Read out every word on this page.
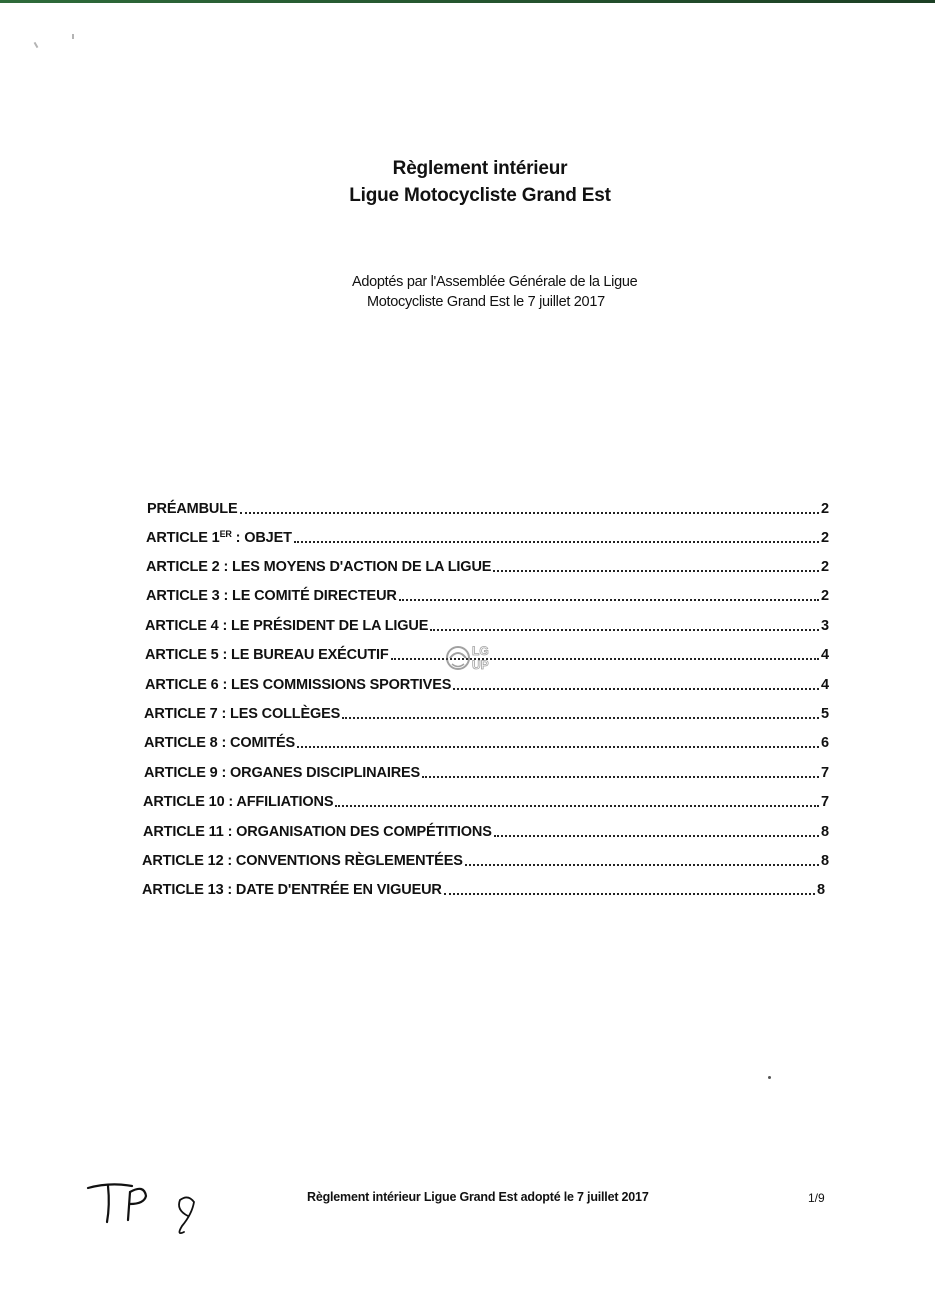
Règlement intérieur
Ligue Motocycliste Grand Est
Adoptés par l'Assemblée Générale de la Ligue
Motocycliste Grand Est le 7 juillet 2017
PRÉAMBULE	2
ARTICLE 1ER : OBJET	2
ARTICLE 2 : LES MOYENS D'ACTION DE LA LIGUE	2
ARTICLE 3 : LE COMITÉ DIRECTEUR	2
ARTICLE 4 : LE PRÉSIDENT DE LA LIGUE	3
ARTICLE 5 : LE BUREAU EXÉCUTIF	4
ARTICLE 6 : LES COMMISSIONS SPORTIVES	4
ARTICLE 7 : LES COLLÈGES	5
ARTICLE 8 : COMITÉS	6
ARTICLE 9 : ORGANES DISCIPLINAIRES	7
ARTICLE 10 : AFFILIATIONS	7
ARTICLE 11 : ORGANISATION DES COMPÉTITIONS	8
ARTICLE 12 : CONVENTIONS RÈGLEMENTÉES	8
ARTICLE 13 : DATE D'ENTRÉE EN VIGUEUR	8
LG
UP
Règlement intérieur Ligue Grand Est adopté le 7 juillet 2017	1/9
